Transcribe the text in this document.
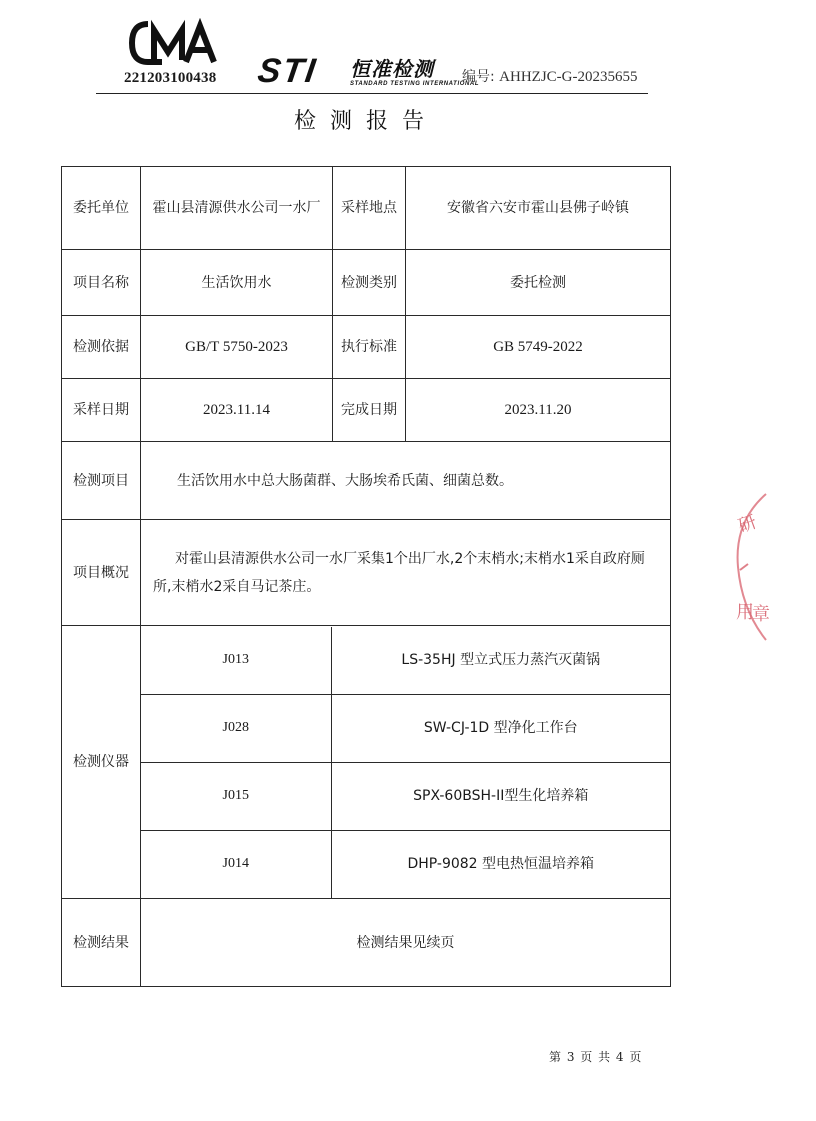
221203100438 STI 恒准检测
STANDARD TESTING INTERNATIONAL
编号: AHHZJC-G-20235655
检测报告
委托单位	霍山县清源供水公司一水厂	采样地点	安徽省六安市霍山县佛子岭镇
项目名称	生活饮用水	检测类别	委托检测
检测依据	GB/T 5750-2023	执行标准	GB 5749-2022
采样日期	2023.11.14	完成日期	2023.11.20
检测项目	生活饮用水中总大肠菌群、大肠埃希氏菌、细菌总数。
项目概况	对霍山县清源供水公司一水厂采集1个出厂水,2个末梢水;末梢水1采自政府厕所,末梢水2采自马记茶庄。
检测仪器	
J013	LS-35HJ 型立式压力蒸汽灭菌锅
J028	SW-CJ-1D 型净化工作台
J015	SPX-60BSH-II型生化培养箱
J014	DHP-9082 型电热恒温培养箱

检测结果	检测结果见续页
研
用
章
第 3 页 共 4 页
